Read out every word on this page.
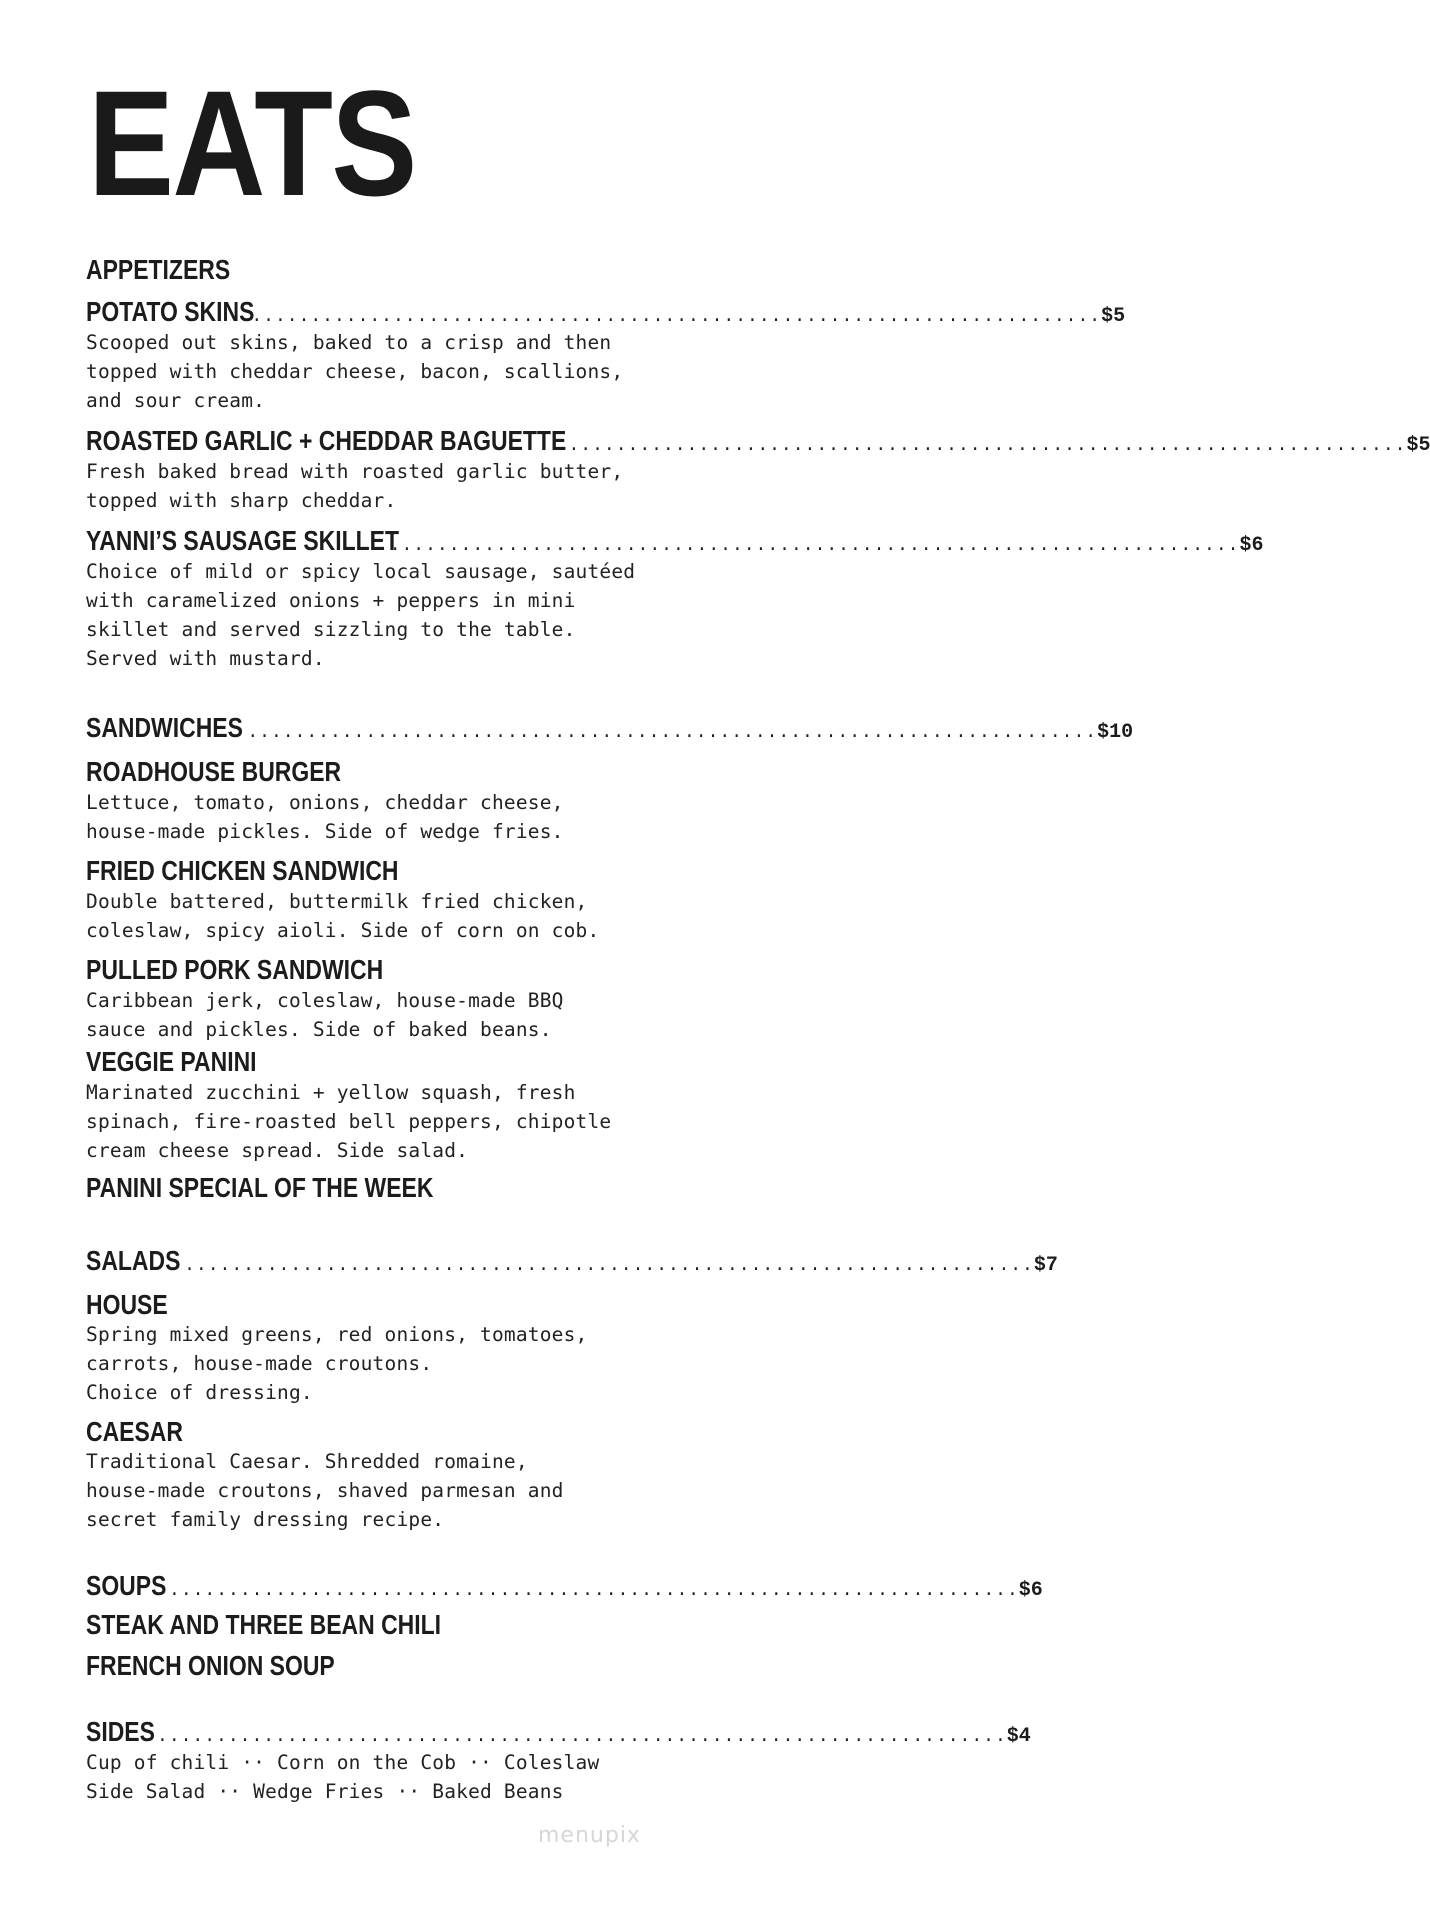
EATS
APPETIZERS
POTATO SKINS
........................................................................ $5
Scooped out skins, baked to a crisp and then
topped with cheddar cheese, bacon, scallions,
and sour cream.
ROASTED GARLIC + CHEDDAR BAGUETTE
........................................................................ $5
Fresh baked bread with roasted garlic butter,
topped with sharp cheddar.
YANNI’S SAUSAGE SKILLET
........................................................................ $6
Choice of mild or spicy local sausage, sautéed
with caramelized onions + peppers in mini
skillet and served sizzling to the table.
Served with mustard.
SANDWICHES ........................................................................ $10
ROADHOUSE BURGER
Lettuce, tomato, onions, cheddar cheese,
house-made pickles. Side of wedge fries.
FRIED CHICKEN SANDWICH
Double battered, buttermilk fried chicken,
coleslaw, spicy aioli. Side of corn on cob.
PULLED PORK SANDWICH
Caribbean jerk, coleslaw, house-made BBQ
sauce and pickles. Side of baked beans.
VEGGIE PANINI
Marinated zucchini + yellow squash, fresh
spinach, fire-roasted bell peppers, chipotle
cream cheese spread. Side salad.
PANINI SPECIAL OF THE WEEK
SALADS ........................................................................ $7
HOUSE
Spring mixed greens, red onions, tomatoes,
carrots, house-made croutons.
Choice of dressing.
CAESAR
Traditional Caesar. Shredded romaine,
house-made croutons, shaved parmesan and
secret family dressing recipe.
SOUPS ........................................................................ $6
STEAK AND THREE BEAN CHILI
FRENCH ONION SOUP
SIDES ........................................................................ $4
Cup of chili ·· Corn on the Cob ·· Coleslaw
Side Salad ·· Wedge Fries ·· Baked Beans
menupix
